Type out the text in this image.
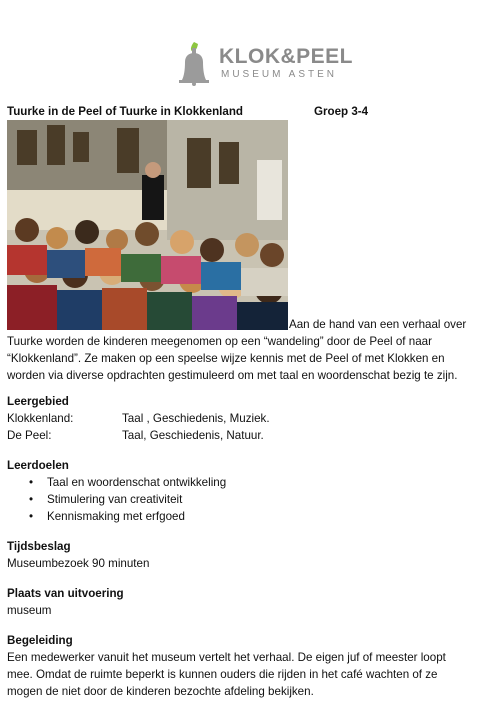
KLOK&PEEL
MUSEUM ASTEN
Tuurke in de Peel of Tuurke in Klokkenland	Groep 3-4
Aan de hand van een verhaal over
Tuurke worden de kinderen meegenomen op een “wandeling” door de Peel of naar
“Klokkenland”. Ze maken op een speelse wijze kennis met de Peel of met Klokken en
worden via diverse opdrachten gestimuleerd om met taal en woordenschat bezig te zijn.
Leergebied
Klokkenland:	Taal , Geschiedenis, Muziek.
De Peel:	Taal, Geschiedenis, Natuur.
Leerdoelen
• Taal en woordenschat ontwikkeling
• Stimulering van creativiteit
• Kennismaking met erfgoed
Tijdsbeslag
Museumbezoek 90 minuten
Plaats van uitvoering
museum
Begeleiding
Een medewerker vanuit het museum vertelt het verhaal. De eigen juf of meester loopt
mee. Omdat de ruimte beperkt is kunnen ouders die rijden in het café wachten of ze
mogen de niet door de kinderen bezochte afdeling bekijken.
